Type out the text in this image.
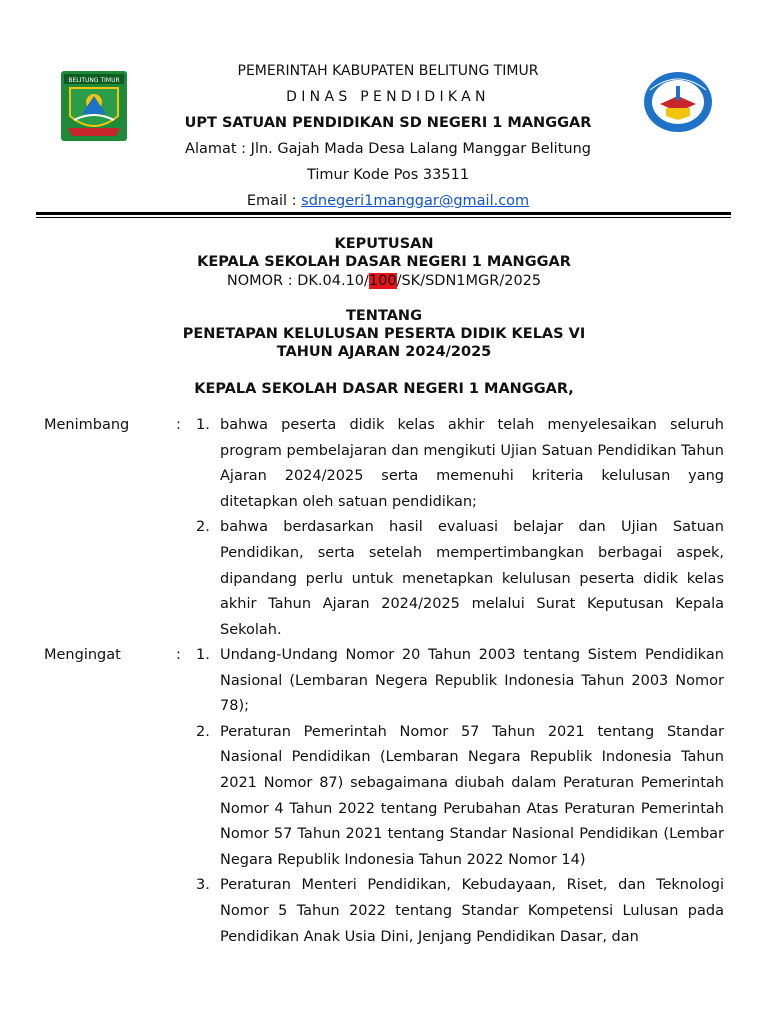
BELITUNG TIMUR
PEMERINTAH KABUPATEN BELITUNG TIMUR
DINAS PENDIDIKAN
UPT SATUAN PENDIDIKAN SD NEGERI 1 MANGGAR
Alamat : Jln. Gajah Mada Desa Lalang Manggar Belitung
Timur Kode Pos 33511
Email : sdnegeri1manggar@gmail.com
KEPUTUSAN
KEPALA SEKOLAH DASAR NEGERI 1 MANGGAR
NOMOR : DK.04.10/100/SK/SDN1MGR/2025
TENTANG
PENETAPAN KELULUSAN PESERTA DIDIK KELAS VI
TAHUN AJARAN 2024/2025
KEPALA SEKOLAH DASAR NEGERI 1 MANGGAR,
Menimbang	: 1. bahwa peserta didik kelas akhir telah menyelesaikan seluruh program pembelajaran dan mengikuti Ujian Satuan Pendidikan Tahun Ajaran 2024/2025 serta memenuhi kriteria kelulusan yang ditetapkan oleh satuan pendidikan;
2. bahwa berdasarkan hasil evaluasi belajar dan Ujian Satuan Pendidikan, serta setelah mempertimbangkan berbagai aspek, dipandang perlu untuk menetapkan kelulusan peserta didik kelas akhir Tahun Ajaran 2024/2025 melalui Surat Keputusan Kepala Sekolah.
Mengingat	: 1. Undang-Undang Nomor 20 Tahun 2003 tentang Sistem Pendidikan Nasional (Lembaran Negera Republik Indonesia Tahun 2003 Nomor 78);
2. Peraturan Pemerintah Nomor 57 Tahun 2021 tentang Standar Nasional Pendidikan (Lembaran Negara Republik Indonesia Tahun 2021 Nomor 87) sebagaimana diubah dalam Peraturan Pemerintah Nomor 4 Tahun 2022 tentang Perubahan Atas Peraturan Pemerintah Nomor 57 Tahun 2021 tentang Standar Nasional Pendidikan (Lembar Negara Republik Indonesia Tahun 2022 Nomor 14)
3. Peraturan Menteri Pendidikan, Kebudayaan, Riset, dan Teknologi Nomor 5 Tahun 2022 tentang Standar Kompetensi Lulusan pada Pendidikan Anak Usia Dini, Jenjang Pendidikan Dasar, dan
